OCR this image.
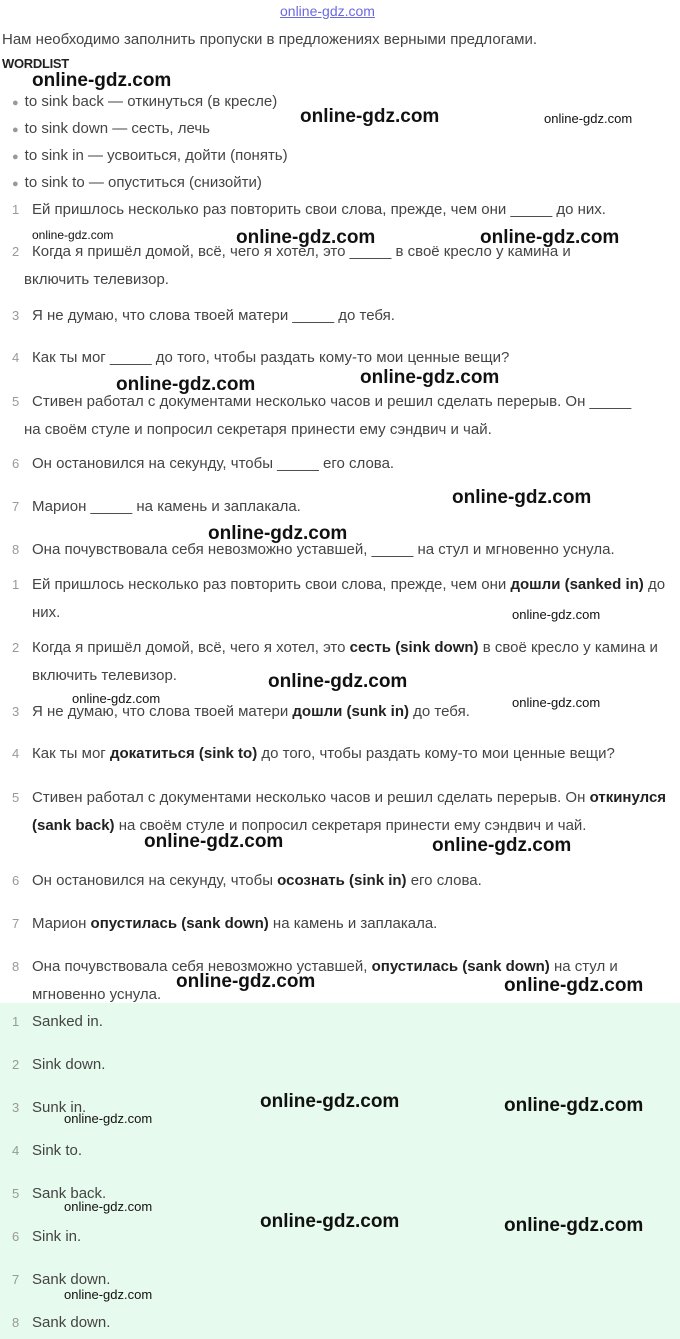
online-gdz.com
Нам необходимо заполнить пропуски в предложениях верными предлогами.
WORDLIST
● to sink back — откинуться (в кресле)
● to sink down — сесть, лечь
● to sink in — усвоиться, дойти (понять)
● to sink to — опуститься (снизойти)
1 Ей пришлось несколько раз повторить свои слова, прежде, чем они _____ до них.
2 Когда я пришёл домой, всё, чего я хотел, это _____ в своё кресло у камина и
включить телевизор.
3 Я не думаю, что слова твоей матери _____ до тебя.
4 Как ты мог _____ до того, чтобы раздать кому-то мои ценные вещи?
5 Стивен работал с документами несколько часов и решил сделать перерыв. Он _____
на своём стуле и попросил секретаря принести ему сэндвич и чай.
6 Он остановился на секунду, чтобы _____ его слова.
7 Марион _____ на камень и заплакала.
8 Она почувствовала себя невозможно уставшей, _____ на стул и мгновенно уснула.
1 Ей пришлось несколько раз повторить свои слова, прежде, чем они дошли (sanked in) до них.
2 Когда я пришёл домой, всё, чего я хотел, это сесть (sink down) в своё кресло у камина и включить телевизор.
3 Я не думаю, что слова твоей матери дошли (sunk in) до тебя.
4 Как ты мог докатиться (sink to) до того, чтобы раздать кому-то мои ценные вещи?
5 Стивен работал с документами несколько часов и решил сделать перерыв. Он откинулся (sank back) на своём стуле и попросил секретаря принести ему сэндвич и чай.
6 Он остановился на секунду, чтобы осознать (sink in) его слова.
7 Марион опустилась (sank down) на камень и заплакала.
8 Она почувствовала себя невозможно уставшей, опустилась (sank down) на стул и мгновенно уснула.
1 Sanked in.
2 Sink down.
3 Sunk in.
4 Sink to.
5 Sank back.
6 Sink in.
7 Sank down.
8 Sank down.
online-gdz.com
online-gdz.com	online-gdz.com
online-gdz.com	online-gdz.com	online-gdz.com
online-gdz.com	online-gdz.com
online-gdz.com
online-gdz.com
online-gdz.com
online-gdz.com
online-gdz.com	online-gdz.com
online-gdz.com	online-gdz.com
online-gdz.com	online-gdz.com
online-gdz.com	online-gdz.com
online-gdz.com
online-gdz.com
online-gdz.com	online-gdz.com
online-gdz.com
